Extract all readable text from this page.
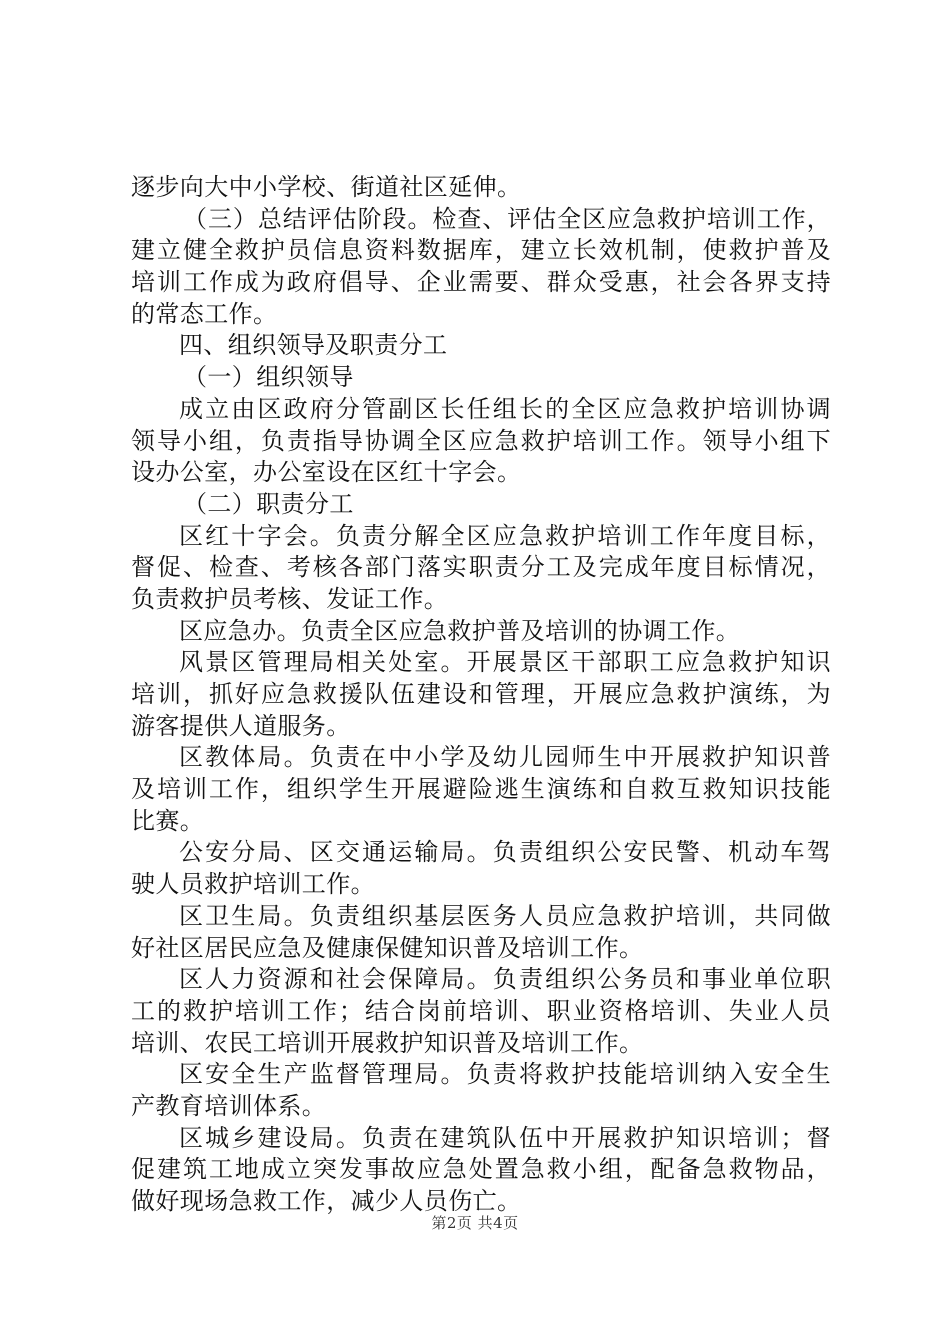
逐步向大中小学校、街道社区延伸。
（三）总结评估阶段。检查、评估全区应急救护培训工作，
建立健全救护员信息资料数据库，建立长效机制，使救护普及
培训工作成为政府倡导、企业需要、群众受惠，社会各界支持
的常态工作。
四、组织领导及职责分工
（一）组织领导
成立由区政府分管副区长任组长的全区应急救护培训协调
领导小组，负责指导协调全区应急救护培训工作。领导小组下
设办公室，办公室设在区红十字会。
（二）职责分工
区红十字会。负责分解全区应急救护培训工作年度目标，
督促、检查、考核各部门落实职责分工及完成年度目标情况，
负责救护员考核、发证工作。
区应急办。负责全区应急救护普及培训的协调工作。
风景区管理局相关处室。开展景区干部职工应急救护知识
培训，抓好应急救援队伍建设和管理，开展应急救护演练，为
游客提供人道服务。
区教体局。负责在中小学及幼儿园师生中开展救护知识普
及培训工作，组织学生开展避险逃生演练和自救互救知识技能
比赛。
公安分局、区交通运输局。负责组织公安民警、机动车驾
驶人员救护培训工作。
区卫生局。负责组织基层医务人员应急救护培训，共同做
好社区居民应急及健康保健知识普及培训工作。
区人力资源和社会保障局。负责组织公务员和事业单位职
工的救护培训工作；结合岗前培训、职业资格培训、失业人员
培训、农民工培训开展救护知识普及培训工作。
区安全生产监督管理局。负责将救护技能培训纳入安全生
产教育培训体系。
区城乡建设局。负责在建筑队伍中开展救护知识培训；督
促建筑工地成立突发事故应急处置急救小组，配备急救物品，
做好现场急救工作，减少人员伤亡。
第2页 共4页
